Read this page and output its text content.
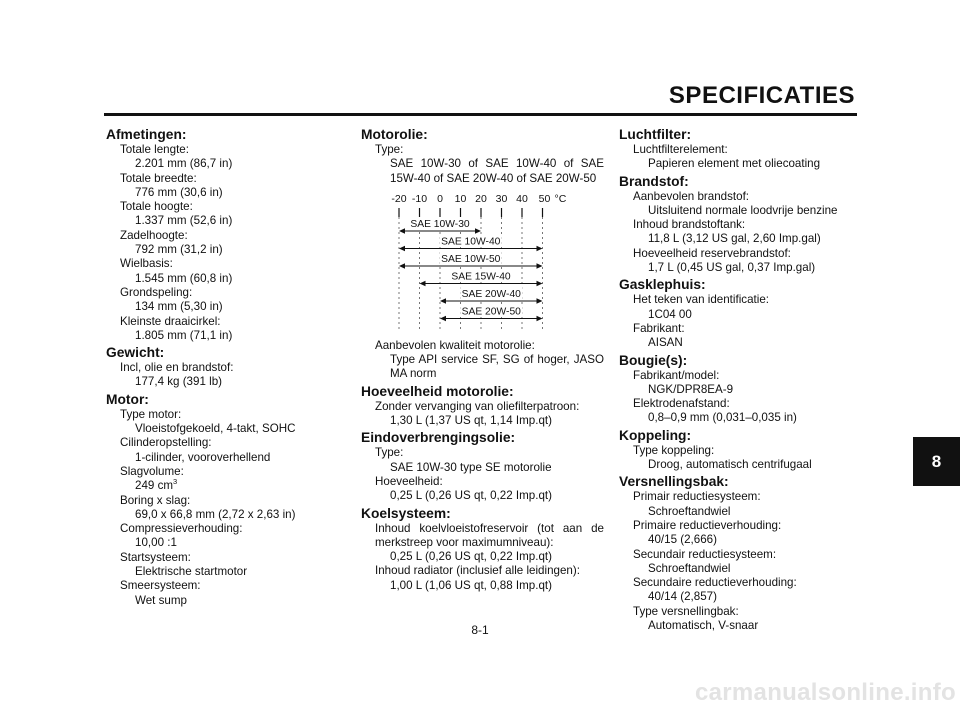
SPECIFICATIES
Afmetingen:
Totale lengte:
2.201 mm (86,7 in)
Totale breedte:
776 mm (30,6 in)
Totale hoogte:
1.337 mm (52,6 in)
Zadelhoogte:
792 mm (31,2 in)
Wielbasis:
1.545 mm (60,8 in)
Grondspeling:
134 mm (5,30 in)
Kleinste draaicirkel:
1.805 mm (71,1 in)
Gewicht:
Incl, olie en brandstof:
177,4 kg (391 lb)
Motor:
Type motor:
Vloeistofgekoeld, 4-takt, SOHC
Cilinderopstelling:
1-cilinder, vooroverhellend
Slagvolume:
249 $cm^3$
Boring x slag:
69,0 x 66,8 mm (2,72 x 2,63 in)
Compressieverhouding:
10,00 :1
Startsysteem:
Elektrische startmotor
Smeersysteem:
Wet sump
Motorolie:
Type:
SAE 10W-30 of SAE 10W-40 of SAE 15W-40 of SAE 20W-40 of SAE 20W-50
-20 -10 0 10 20 30 40 50 °C
SAE 10W-30
SAE 10W-40
SAE 10W-50
SAE 15W-40
SAE 20W-40
SAE 20W-50
Aanbevolen kwaliteit motorolie:
Type API service SF, SG of hoger, JASO MA norm
Hoeveelheid motorolie:
Zonder vervanging van oliefilterpatroon:
1,30 L (1,37 US qt, 1,14 Imp.qt)
Eindoverbrengingsolie:
Type:
SAE 10W-30 type SE motorolie
Hoeveelheid:
0,25 L (0,26 US qt, 0,22 Imp.qt)
Koelsysteem:
Inhoud koelvloeistofreservoir (tot aan de merkstreep voor maximumniveau):
0,25 L (0,26 US qt, 0,22 Imp.qt)
Inhoud radiator (inclusief alle leidingen):
1,00 L (1,06 US qt, 0,88 Imp.qt)
Luchtfilter:
Luchtfilterelement:
Papieren element met oliecoating
Brandstof:
Aanbevolen brandstof:
Uitsluitend normale loodvrije benzine
Inhoud brandstoftank:
11,8 L (3,12 US gal, 2,60 Imp.gal)
Hoeveelheid reservebrandstof:
1,7 L (0,45 US gal, 0,37 Imp.gal)
Gasklephuis:
Het teken van identificatie:
1C04 00
Fabrikant:
AISAN
Bougie(s):
Fabrikant/model:
NGK/DPR8EA-9
Elektrodenafstand:
0,8–0,9 mm (0,031–0,035 in)
Koppeling:
Type koppeling:
Droog, automatisch centrifugaal
Versnellingsbak:
Primair reductiesysteem:
Schroeftandwiel
Primaire reductieverhouding:
40/15 (2,666)
Secundair reductiesysteem:
Schroeftandwiel
Secundaire reductieverhouding:
40/14 (2,857)
Type versnellingbak:
Automatisch, V-snaar
8
8-1
carmanualsonline.info
